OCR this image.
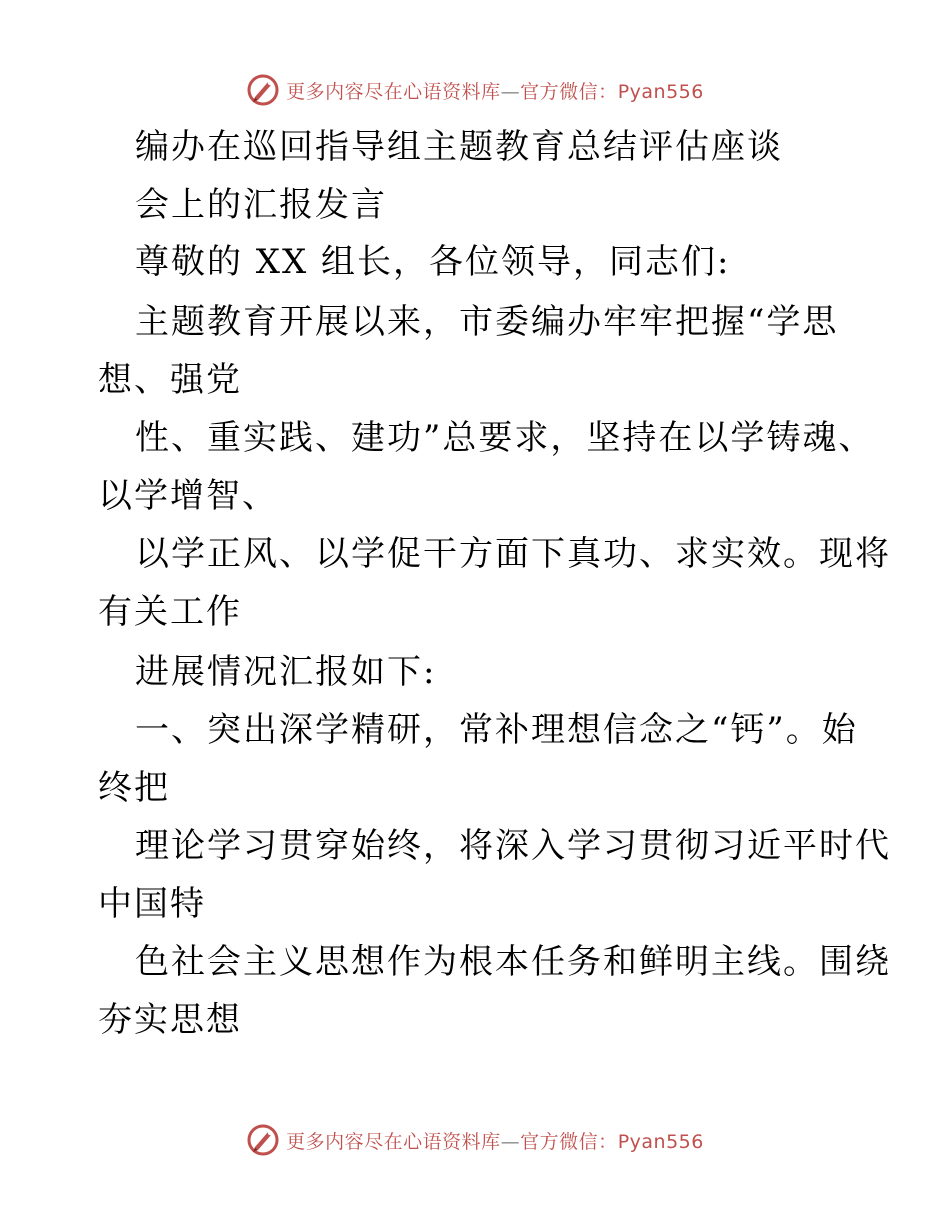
更多内容尽在心语资料库—官方微信：Pyan556
编办在巡回指导组主题教育总结评估座谈
会上的汇报发言
尊敬的 XX 组长，各位领导，同志们:
主题教育开展以来，市委编办牢牢把握“学思
想、强党
性、重实践、建功”总要求，坚持在以学铸魂、
以学增智、
以学正风、以学促干方面下真功、求实效。现将
有关工作
进展情况汇报如下:
一、突出深学精研，常补理想信念之“钙”。始
终把
理论学习贯穿始终，将深入学习贯彻习近平时代
中国特
色社会主义思想作为根本任务和鲜明主线。围绕
夯实思想
更多内容尽在心语资料库—官方微信：Pyan556
